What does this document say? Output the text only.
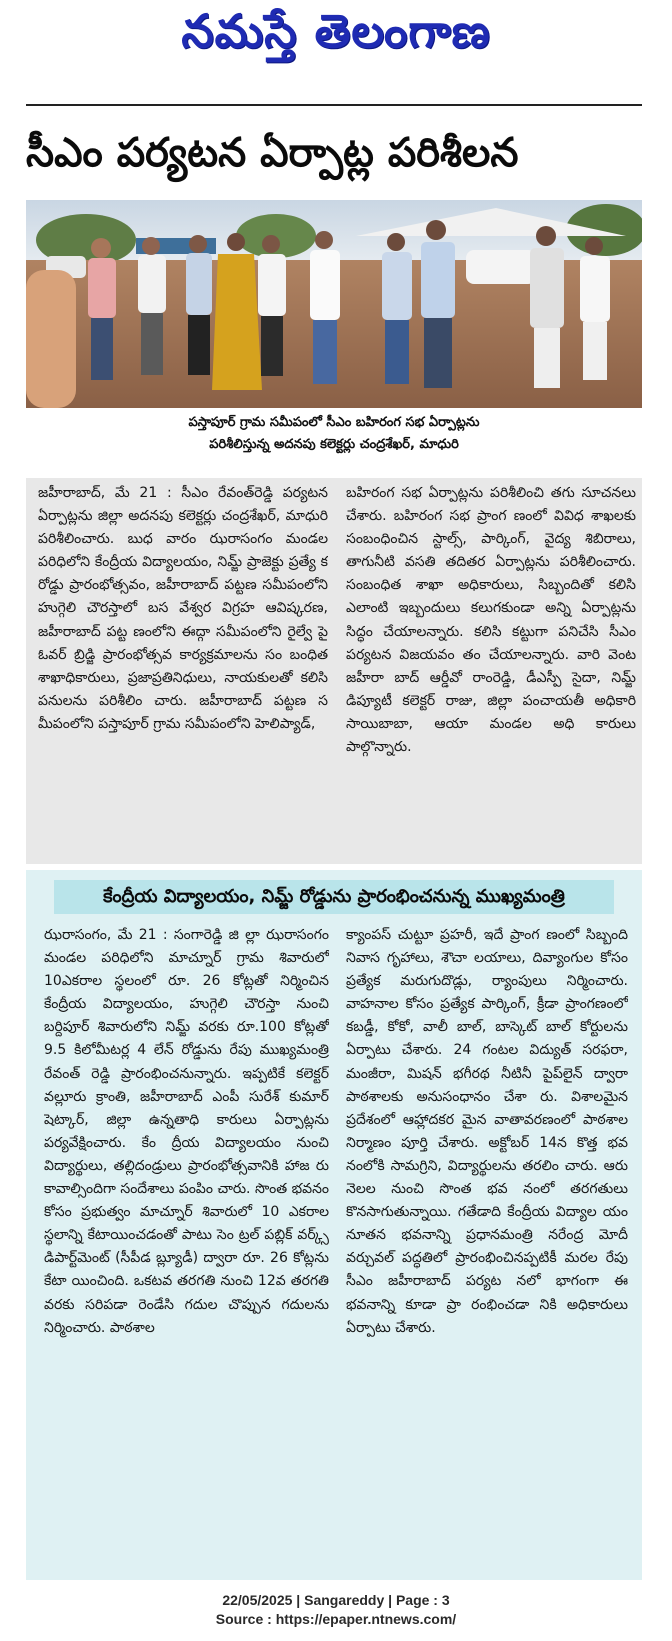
నమస్తే తెలంగాణ
సీఎం పర్యటన ఏర్పాట్ల పరిశీలన
పస్తాపూర్ గ్రామ సమీపంలో సీఎం బహిరంగ సభ ఏర్పాట్లను
పరిశీలిస్తున్న అదనపు కలెక్టర్లు చంద్రశేఖర్, మాధురి

జహీరాబాద్, మే 21 : సీఎం రేవంత్‌రెడ్డి పర్యటన ఏర్పాట్లను జిల్లా అదనపు కలెక్టర్లు చంద్రశేఖర్, మాధురి పరిశీలించారు. బుధ వారం ఝరాసంగం మండల పరిధిలోని కేంద్రీయ విద్యాలయం, నిమ్జ్ ప్రాజెక్టు ప్రత్యే క రోడ్డు ప్రారంభోత్సవం, జహీరాబాద్ పట్టణ సమీపంలోని హుగ్గెలి చౌరస్తాలో బస వేశ్వర విగ్రహ ఆవిష్కరణ, జహీరాబాద్ పట్ట ణంలోని ఈద్గా సమీపంలోని రైల్వే పై ఓవర్ బ్రిడ్జి ప్రారంభోత్సవ కార్యక్రమాలను సం బంధిత శాఖాధికారులు, ప్రజాప్రతినిధులు, నాయకులతో కలిసి పనులను పరిశీలిం చారు. జహీరాబాద్ పట్టణ స మీపంలోని పస్తాపూర్ గ్రామ సమీపంలోని హెలిప్యాడ్,

బహిరంగ సభ ఏర్పాట్లను పరిశీలించి తగు సూచనలు చేశారు. బహిరంగ సభ ప్రాంగ ణంలో వివిధ శాఖలకు సంబంధించిన స్టాల్స్, పార్కింగ్, వైద్య శిబిరాలు, తాగునీటి వసతి తదితర ఏర్పాట్లను పరిశీలించారు. సంబంధిత శాఖా అధికారులు, సిబ్బందితో కలిసి ఎలాంటి ఇబ్బందులు కలుగకుండా అన్ని ఏర్పాట్లను సిద్ధం చేయాలన్నారు. కలిసి కట్టుగా పనిచేసి సీఎం పర్యటన విజయవం తం చేయాలన్నారు. వారి వెంట జహీరా బాద్ ఆర్డీవో రాంరెడ్డి, డీఎస్పీ సైదా, నిమ్జ్ డిప్యూటీ కలెక్టర్ రాజు, జిల్లా పంచాయతీ అధికారి సాయిబాబా, ఆయా మండల అధి కారులు పాల్గొన్నారు.

కేంద్రీయ విద్యాలయం, నిమ్జ్ రోడ్డును ప్రారంభించనున్న ముఖ్యమంత్రి

ఝరాసంగం, మే 21 : సంగారెడ్డి జి ల్లా ఝరాసంగం మండల పరిధిలోని మాచ్నూర్ గ్రామ శివారులో 10ఎకరాల స్థలంలో రూ. 26 కోట్లతో నిర్మించిన కేంద్రీయ విద్యాలయం, హుగ్గెలి చౌరస్తా నుంచి బర్దిపూర్ శివారులోని నిమ్జ్ వరకు రూ.100 కోట్లతో 9.5 కిలోమీటర్ల 4 లేన్ రోడ్డును రేపు ముఖ్యమంత్రి రేవంత్ రెడ్డి ప్రారంభించనున్నారు. ఇప్పటికే కలెక్టర్ వల్లూరు క్రాంతి, జహీరాబాద్ ఎంపీ సురేశ్ కుమార్ షెట్కార్, జిల్లా ఉన్నతాధి కారులు ఏర్పాట్లను పర్యవేక్షించారు. కేం ద్రీయ విద్యాలయం నుంచి విద్యార్థులు, తల్లిదండ్రులు ప్రారంభోత్సవానికి హాజ రు కావాల్సిందిగా సందేశాలు పంపిం చారు. సొంత భవనం కోసం ప్రభుత్వం మాచ్నూర్ శివారులో 10 ఎకరాల స్థలాన్ని కేటాయించడంతో పాటు సెం ట్రల్ పబ్లిక్ వర్క్స్ డిపార్ట్‌మెంట్ (సీపీడ బ్ల్యూడీ) ద్వారా రూ. 26 కోట్లను కేటా యించింది. ఒకటవ తరగతి నుంచి 12వ తరగతి వరకు సరిపడా రెండేసి గదుల చొప్పున గదులను నిర్మించారు. పాఠశాల

క్యాంపస్ చుట్టూ ప్రహరీ, ఇదే ప్రాంగ ణంలో సిబ్బంది నివాస గృహాలు, శౌచా లయాలు, దివ్యాంగుల కోసం ప్రత్యేక మరుగుదొడ్లు, ర్యాంపులు నిర్మించారు. వాహనాల కోసం ప్రత్యేక పార్కింగ్, క్రీడా ప్రాంగణంలో కబడ్డీ, కోకో, వాలీ బాల్, బాస్కెట్ బాల్ కోర్టులను ఏర్పాటు చేశారు. 24 గంటల విద్యుత్ సరఫరా, మంజీరా, మిషన్ భగీరథ నీటినీ పైప్‌లైన్ ద్వారా పాఠశాలకు అనుసంధానం చేశా రు. విశాలమైన ప్రదేశంలో ఆహ్లాదకర మైన వాతావరణంలో పాఠశాల నిర్మాణం పూర్తి చేశారు. అక్టోబర్ 14న కొత్త భవ నంలోకి సామగ్రిని, విద్యార్థులను తరలిం చారు. ఆరు నెలల నుంచి సొంత భవ నంలో తరగతులు కొనసాగుతున్నాయి. గతేడాది కేంద్రీయ విద్యాల యం నూతన భవనాన్ని ప్రధానమంత్రి నరేంద్ర మోదీ వర్చువల్ పద్ధతిలో ప్రారంభించినప్పటికీ మరల రేపు సీఎం జహీరాబాద్ పర్యట నలో భాగంగా ఈ భవనాన్ని కూడా ప్రా రంభించడా నికి అధికారులు ఏర్పాటు చేశారు.

22/05/2025 | Sangareddy | Page : 3
Source : https://epaper.ntnews.com/
